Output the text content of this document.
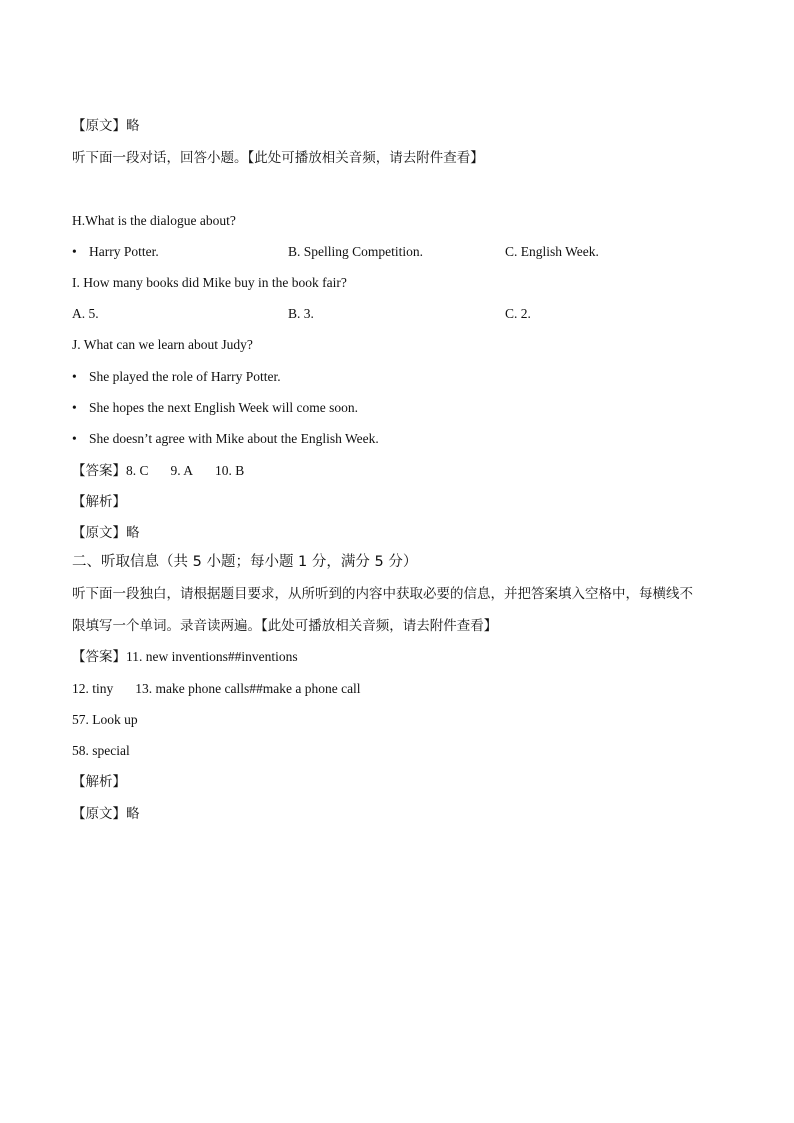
【原文】略
听下面一段对话，回答小题。【此处可播放相关音频，请去附件查看】
H.What is the dialogue about?
• Harry Potter.	B. Spelling Competition.	C. English Week.
I. How many books did Mike buy in the book fair?
A. 5.	B. 3.	C. 2.
J. What can we learn about Judy?
• She played the role of Harry Potter.
• She hopes the next English Week will come soon.
• She doesn’t agree with Mike about the English Week.
【答案】8. C 9. A 10. B
【解析】
【原文】略
二、听取信息（共 5 小题；每小题 1 分，满分 5 分）
听下面一段独白，请根据题目要求，从所听到的内容中获取必要的信息，并把答案填入空格中，每横线不
限填写一个单词。录音读两遍。【此处可播放相关音频，请去附件查看】
【答案】11. new inventions##inventions
12. tiny 13. make phone calls##make a phone call
57. Look up
58. special
【解析】
【原文】略
